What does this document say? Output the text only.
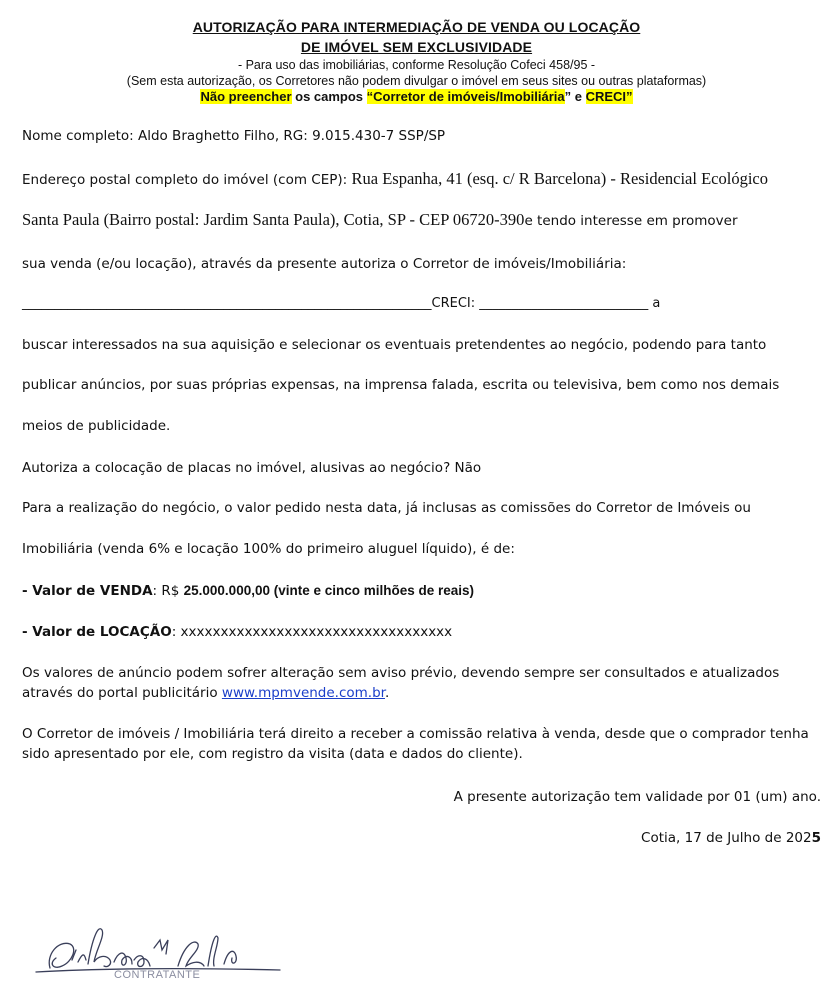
AUTORIZAÇÃO PARA INTERMEDIAÇÃO DE VENDA OU LOCAÇÃO
DE IMÓVEL SEM EXCLUSIVIDADE
- Para uso das imobiliárias, conforme Resolução Cofeci 458/95 -
(Sem esta autorização, os Corretores não podem divulgar o imóvel em seus sites ou outras plataformas)
Não preencher os campos “Corretor de imóveis/Imobiliária” e CRECI”
Nome completo: Aldo Braghetto Filho, RG: 9.015.430-7 SSP/SP
Endereço postal completo do imóvel (com CEP): Rua Espanha, 41 (esq. c/ R Barcelona) - Residencial Ecológico
Santa Paula (Bairro postal: Jardim Santa Paula), Cotia, SP - CEP 06720-390e tendo interesse em promover
sua venda (e/ou locação), através da presente autoriza o Corretor de imóveis/Imobiliária:
_______________________________________________________________CRECI: __________________________ a
buscar interessados na sua aquisição e selecionar os eventuais pretendentes ao negócio, podendo para tanto
publicar anúncios, por suas próprias expensas, na imprensa falada, escrita ou televisiva, bem como nos demais
meios de publicidade.
Autoriza a colocação de placas no imóvel, alusivas ao negócio? Não
Para a realização do negócio, o valor pedido nesta data, já inclusas as comissões do Corretor de Imóveis ou
Imobiliária (venda 6% e locação 100% do primeiro aluguel líquido), é de:
- Valor de VENDA: R$ 25.000.000,00 (vinte e cinco milhões de reais)
- Valor de LOCAÇÃO: xxxxxxxxxxxxxxxxxxxxxxxxxxxxxxxxxx
Os valores de anúncio podem sofrer alteração sem aviso prévio, devendo sempre ser consultados e atualizados
através do portal publicitário www.mpmvende.com.br.
O Corretor de imóveis / Imobiliária terá direito a receber a comissão relativa à venda, desde que o comprador tenha
sido apresentado por ele, com registro da visita (data e dados do cliente).
A presente autorização tem validade por 01 (um) ano.
Cotia, 17 de Julho de 2025
CONTRATANTE
